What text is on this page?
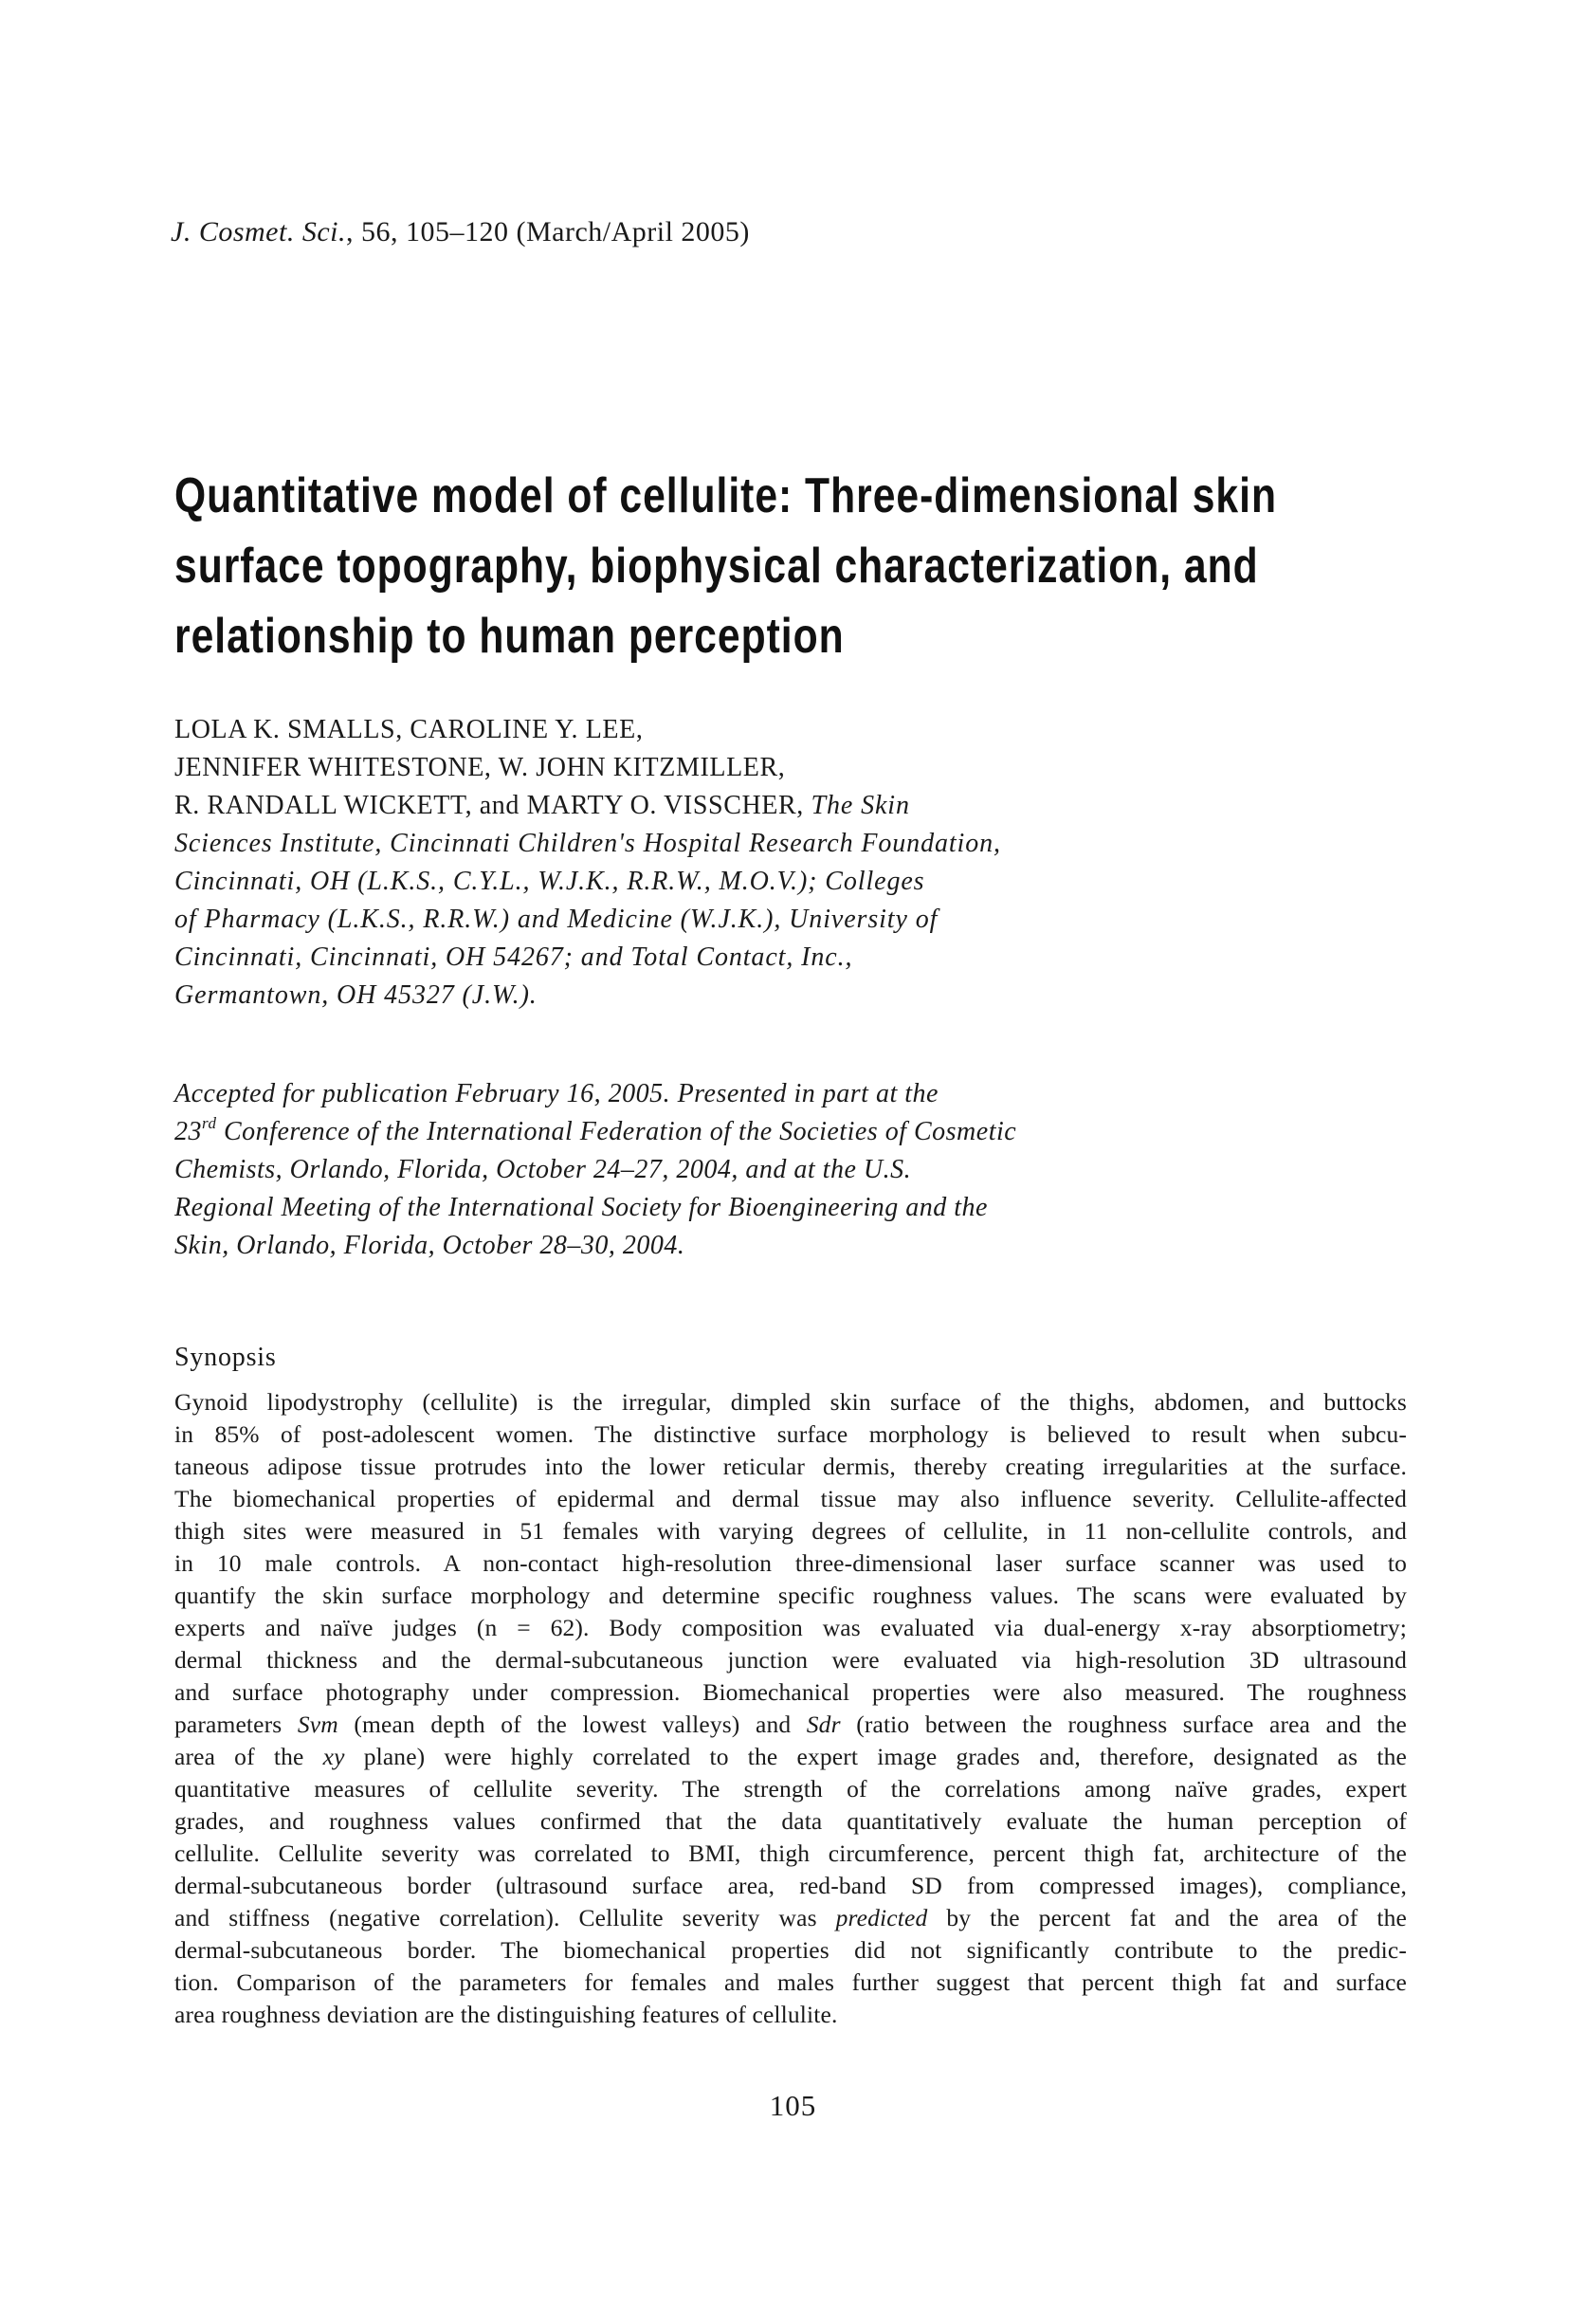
J. Cosmet. Sci., 56, 105–120 (March/April 2005)
Quantitative model of cellulite: Three-dimensional skin
surface topography, biophysical characterization, and
relationship to human perception
LOLA K. SMALLS, CAROLINE Y. LEE,
JENNIFER WHITESTONE, W. JOHN KITZMILLER,
R. RANDALL WICKETT, and MARTY O. VISSCHER, The Skin
Sciences Institute, Cincinnati Children's Hospital Research Foundation,
Cincinnati, OH (L.K.S., C.Y.L., W.J.K., R.R.W., M.O.V.); Colleges
of Pharmacy (L.K.S., R.R.W.) and Medicine (W.J.K.), University of
Cincinnati, Cincinnati, OH 54267; and Total Contact, Inc.,
Germantown, OH 45327 (J.W.).
Accepted for publication February 16, 2005. Presented in part at the
23rd Conference of the International Federation of the Societies of Cosmetic
Chemists, Orlando, Florida, October 24–27, 2004, and at the U.S.
Regional Meeting of the International Society for Bioengineering and the
Skin, Orlando, Florida, October 28–30, 2004.
Synopsis
Gynoid lipodystrophy (cellulite) is the irregular, dimpled skin surface of the thighs, abdomen, and buttocks
in 85% of post-adolescent women. The distinctive surface morphology is believed to result when subcu-
taneous adipose tissue protrudes into the lower reticular dermis, thereby creating irregularities at the surface.
The biomechanical properties of epidermal and dermal tissue may also influence severity. Cellulite-affected
thigh sites were measured in 51 females with varying degrees of cellulite, in 11 non-cellulite controls, and
in 10 male controls. A non-contact high-resolution three-dimensional laser surface scanner was used to
quantify the skin surface morphology and determine specific roughness values. The scans were evaluated by
experts and naïve judges (n = 62). Body composition was evaluated via dual-energy x-ray absorptiometry;
dermal thickness and the dermal-subcutaneous junction were evaluated via high-resolution 3D ultrasound
and surface photography under compression. Biomechanical properties were also measured. The roughness
parameters Svm (mean depth of the lowest valleys) and Sdr (ratio between the roughness surface area and the
area of the xy plane) were highly correlated to the expert image grades and, therefore, designated as the
quantitative measures of cellulite severity. The strength of the correlations among naïve grades, expert
grades, and roughness values confirmed that the data quantitatively evaluate the human perception of
cellulite. Cellulite severity was correlated to BMI, thigh circumference, percent thigh fat, architecture of the
dermal-subcutaneous border (ultrasound surface area, red-band SD from compressed images), compliance,
and stiffness (negative correlation). Cellulite severity was predicted by the percent fat and the area of the
dermal-subcutaneous border. The biomechanical properties did not significantly contribute to the predic-
tion. Comparison of the parameters for females and males further suggest that percent thigh fat and surface
area roughness deviation are the distinguishing features of cellulite.
105
